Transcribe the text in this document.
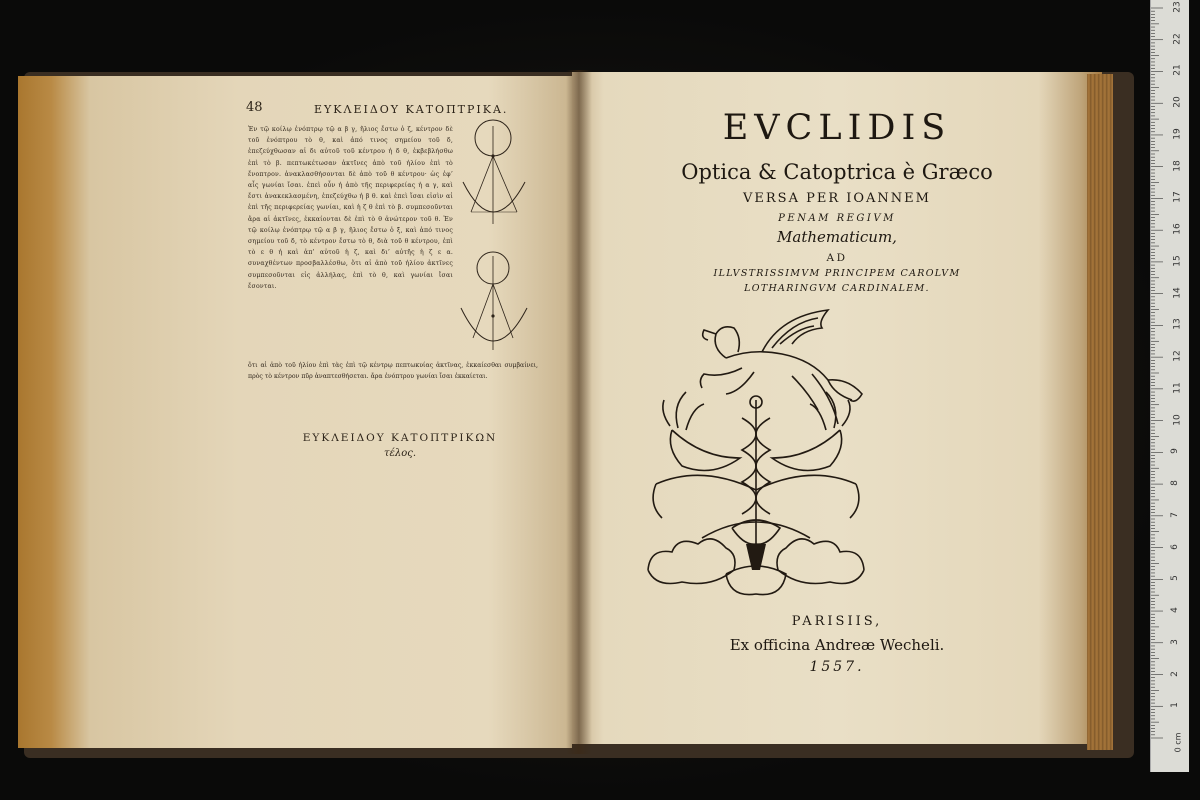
48	ΕΥΚΛΕΙΔΟΥ ΚΑΤΟΠΤΡΙΚΑ.
Ἐν τῷ κοίλῳ ἐνόπτρῳ τῷ α β γ, ἥλιος ἔστω ὁ ζ, κέντρον δὲ τοῦ ἐνόπτρου τὸ θ, καὶ ἀπό τινος σημείου τοῦ δ, ἐπεζεύχθωσαν αἱ δι αὐτοῦ τοῦ κέντρου ἡ δ θ, ἐκβεβλήσθω ἐπὶ τὸ β. πεπτωκέτωσαν ἀκτῖνες ἀπὸ τοῦ ἡλίου ἐπὶ τὸ ἔνοπτρον. ἀνακλασθήσονται δὲ ἀπὸ τοῦ θ κέντρου· ὡς ἐφ’ αἷς γωνίαι ἴσαι. ἐπεὶ οὖν ἡ ἀπὸ τῆς περιφερείας ἡ α γ, καὶ ἔστι ἀνακεκλασμένη, ἐπεζεύχθω ἡ β θ. καὶ ἐπεὶ ἴσαι εἰσὶν αἱ ἐπὶ τῆς περιφερείας γωνίαι, καὶ ἡ ζ θ ἐπὶ τὸ β. συμπεσοῦνται ἄρα αἱ ἀκτῖνες, ἐκκαίονται δὲ ἐπὶ τὸ θ ἀνώτερον τοῦ θ. Ἐν τῷ κοίλῳ ἐνόπτρῳ τῷ α β γ, ἥλιος ἔστω ὁ ξ, καὶ ἀπό τινος σημείου τοῦ δ, τὸ κέντρον ἔστω τὸ θ, διὰ τοῦ θ κέντρου, ἐπὶ τὸ ε θ ἡ καὶ ἀπ’ αὐτοῦ ἡ ζ, καὶ δι’ αὐτῆς ἡ ζ ε α. συναχθέντων προσβαλλέσθω, ὅτι αἱ ἀπὸ τοῦ ἡλίου ἀκτῖνες συμπεσοῦνται εἰς ἀλλήλας, ἐπὶ τὸ θ, καὶ γωνίαι ἴσαι ἔσονται.
ὅτι αἱ ἀπὸ τοῦ ἡλίου ἐπὶ τὰς ἐπὶ τῷ κέντρῳ πεπτωκυίας ἀκτῖνας, ἐκκαίεσθαι συμβαίνει, πρὸς τὸ κέντρον πῦρ ἀναπτεσθήσεται. ἄρα ἐνόπτρου γωνίαι ἴσαι ἐκκαίεται.
ΕΥΚΛΕΙΔΟΥ ΚΑΤΟΠΤΡΙΚΩΝ
τέλος.
EVCLIDIS
Optica & Catoptrica è Græco
VERSA PER IOANNEM
PENAM REGIVM
Mathematicum,
AD
ILLVSTRISSIMVM PRINCIPEM CAROLVM
LOTHARINGVM CARDINALEM.
PARISIIS,
Ex officina Andreæ Wecheli.
1557.
23
22
21
20
19
18
17
16
15
14
13
12
11
10
9
8
7
6
5
4
3
2
1
0 cm
